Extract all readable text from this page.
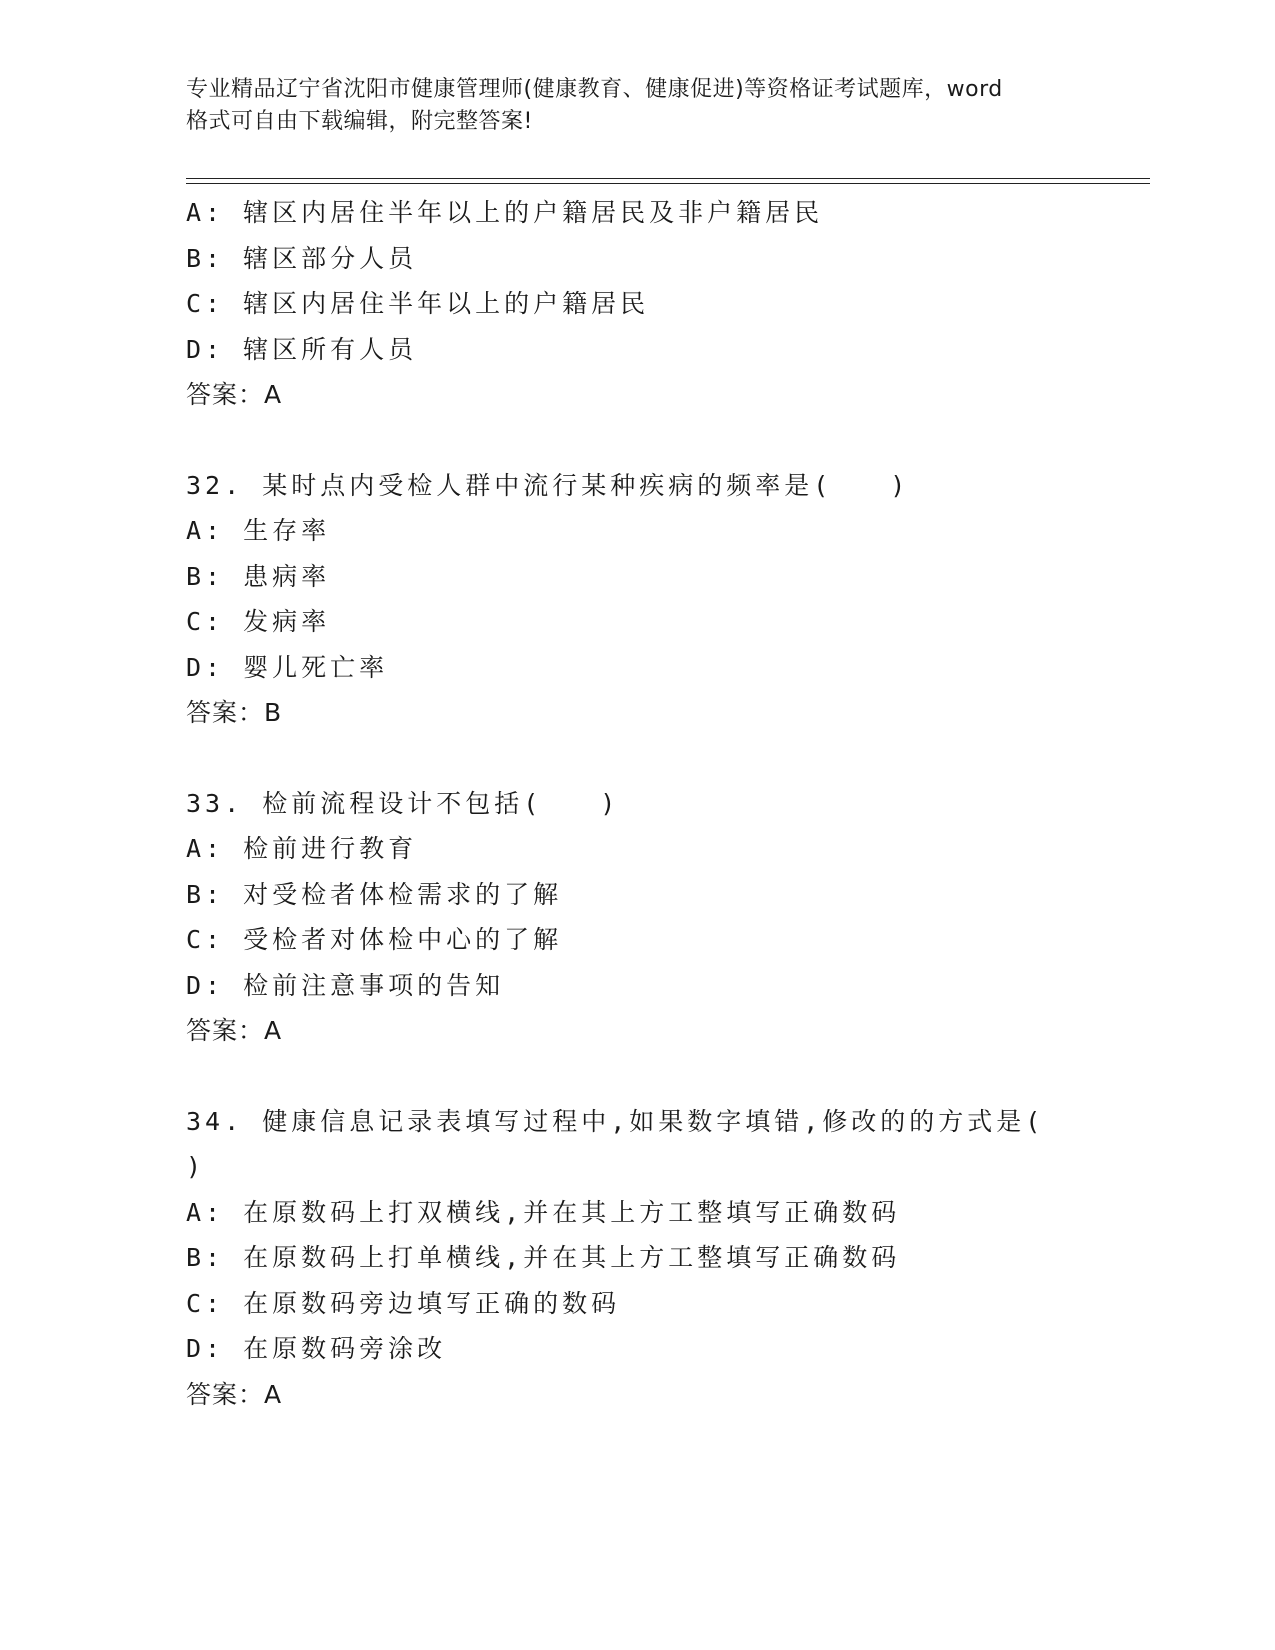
专业精品辽宁省沈阳市健康管理师(健康教育、健康促进)等资格证考试题库，word
格式可自由下载编辑，附完整答案!
A: 辖区内居住半年以上的户籍居民及非户籍居民
B: 辖区部分人员
C: 辖区内居住半年以上的户籍居民
D: 辖区所有人员
答案：A
32. 某时点内受检人群中流行某种疾病的频率是(　　)
A: 生存率
B: 患病率
C: 发病率
D: 婴儿死亡率
答案：B
33. 检前流程设计不包括(　　)
A: 检前进行教育
B: 对受检者体检需求的了解
C: 受检者对体检中心的了解
D: 检前注意事项的告知
答案：A
34. 健康信息记录表填写过程中,如果数字填错,修改的的方式是(
)
A: 在原数码上打双横线,并在其上方工整填写正确数码
B: 在原数码上打单横线,并在其上方工整填写正确数码
C: 在原数码旁边填写正确的数码
D: 在原数码旁涂改
答案：A
